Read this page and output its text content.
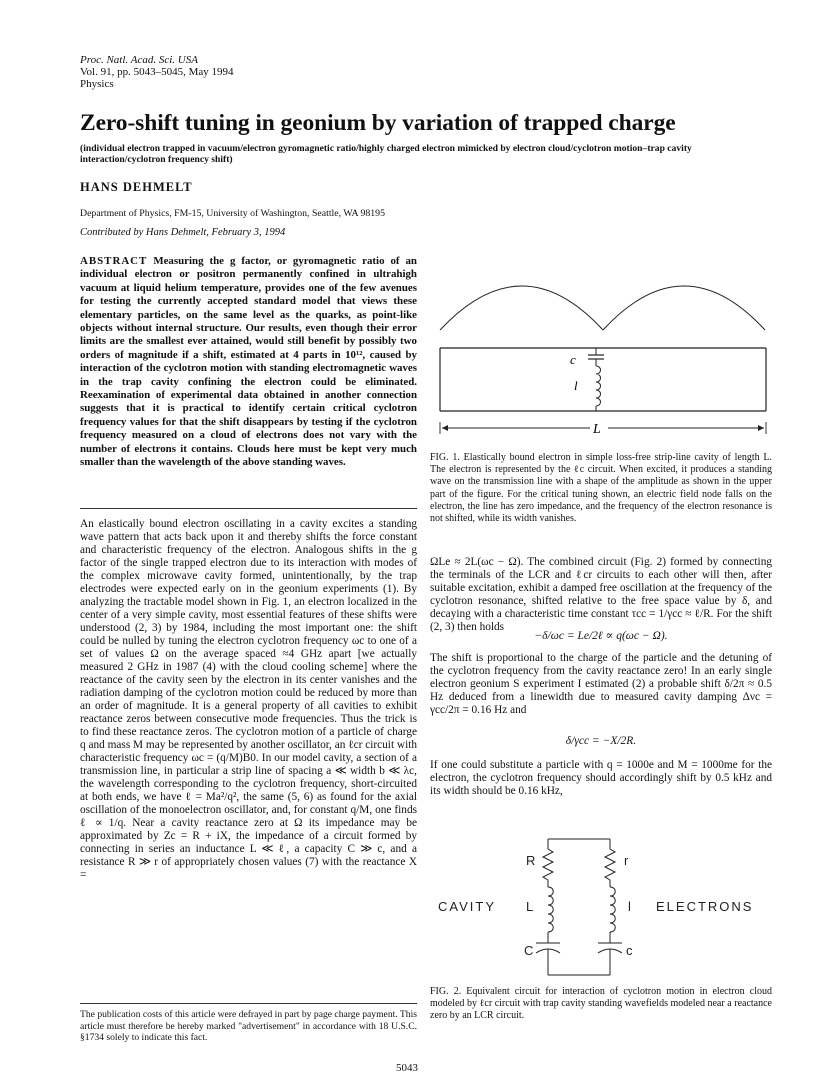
Proc. Natl. Acad. Sci. USA
Vol. 91, pp. 5043–5045, May 1994
Physics
Zero-shift tuning in geonium by variation of trapped charge
(individual electron trapped in vacuum/electron gyromagnetic ratio/highly charged electron mimicked by electron cloud/cyclotron motion–trap cavity interaction/cyclotron frequency shift)
HANS DEHMELT
Department of Physics, FM-15, University of Washington, Seattle, WA 98195
Contributed by Hans Dehmelt, February 3, 1994
ABSTRACT Measuring the g factor, or gyromagnetic ratio of an individual electron or positron permanently confined in ultrahigh vacuum at liquid helium temperature, provides one of the few avenues for testing the currently accepted standard model that views these elementary particles, on the same level as the quarks, as point-like objects without internal structure. Our results, even though their error limits are the smallest ever attained, would still benefit by possibly two orders of magnitude if a shift, estimated at 4 parts in 10¹², caused by interaction of the cyclotron motion with standing electromagnetic waves in the trap cavity confining the electron could be eliminated. Reexamination of experimental data obtained in another connection suggests that it is practical to identify certain critical cyclotron frequency values for that the shift disappears by testing if the cyclotron frequency measured on a cloud of electrons does not vary with the number of electrons it contains. Clouds here must be kept very much smaller than the wavelength of the above standing waves.
An elastically bound electron oscillating in a cavity excites a standing wave pattern that acts back upon it and thereby shifts the force constant and characteristic frequency of the electron. Analogous shifts in the g factor of the single trapped electron due to its interaction with modes of the complex microwave cavity formed, unintentionally, by the trap electrodes were expected early on in the geonium experiments (1). By analyzing the tractable model shown in Fig. 1, an electron localized in the center of a very simple cavity, most essential features of these shifts were understood (2, 3) by 1984, including the most important one: the shift could be nulled by tuning the electron cyclotron frequency ωc to one of a set of values Ω on the average spaced ≈4 GHz apart [we actually measured 2 GHz in 1987 (4) with the cloud cooling scheme] where the reactance of the cavity seen by the electron in its center vanishes and the radiation damping of the cyclotron motion could be reduced by more than an order of magnitude. It is a general property of all cavities to exhibit reactance zeros between consecutive mode frequencies. Thus the trick is to find these reactance zeros. The cyclotron motion of a particle of charge q and mass M may be represented by another oscillator, an ℓcr circuit with characteristic frequency ωc = (q/M)B0. In our model cavity, a section of a transmission line, in particular a strip line of spacing a ≪ width b ≪ λc, the wavelength corresponding to the cyclotron frequency, short-circuited at both ends, we have ℓ = Ma²/q², the same (5, 6) as found for the axial oscillation of the monoelectron oscillator, and, for constant q/M, one finds ℓ ∝ 1/q. Near a cavity reactance zero at Ω its impedance may be approximated by Zc = R + iX, the impedance of a circuit formed by connecting in series an inductance L ≪ ℓ, a capacity C ≫ c, and a resistance R ≫ r of appropriately chosen values (7) with the reactance X =
The publication costs of this article were defrayed in part by page charge payment. This article must therefore be hereby marked "advertisement" in accordance with 18 U.S.C. §1734 solely to indicate this fact.
c
l
L
FIG. 1. Elastically bound electron in simple loss-free strip-line cavity of length L. The electron is represented by the ℓc circuit. When excited, it produces a standing wave on the transmission line with a shape of the amplitude as shown in the upper part of the figure. For the critical tuning shown, an electric field node falls on the electron, the line has zero impedance, and the frequency of the electron resonance is not shifted, while its width vanishes.
ΩLe ≈ 2L(ωc − Ω). The combined circuit (Fig. 2) formed by connecting the terminals of the LCR and ℓcr circuits to each other will then, after suitable excitation, exhibit a damped free oscillation at the frequency of the cyclotron resonance, shifted relative to the free space value by δ, and decaying with a characteristic time constant τcc = 1/γcc ≈ ℓ/R. For the shift (2, 3) then holds
−δ/ωc = Le/2ℓ ∝ q(ωc − Ω).
The shift is proportional to the charge of the particle and the detuning of the cyclotron frequency from the cavity reactance zero! In an early single electron geonium S experiment I estimated (2) a probable shift δ/2π ≈ 0.5 Hz deduced from a linewidth due to measured cavity damping Δνc = γcc/2π = 0.16 Hz and
δ/γcc = −X/2R.
If one could substitute a particle with q = 1000e and M = 1000me for the electron, the cyclotron frequency should accordingly shift by 0.5 kHz and its width should be 0.16 kHz,
CAVITY	ELECTRONS
R
L
C
r
l
c
FIG. 2. Equivalent circuit for interaction of cyclotron motion in electron cloud modeled by ℓcr circuit with trap cavity standing wavefields modeled near a reactance zero by an LCR circuit.
5043
